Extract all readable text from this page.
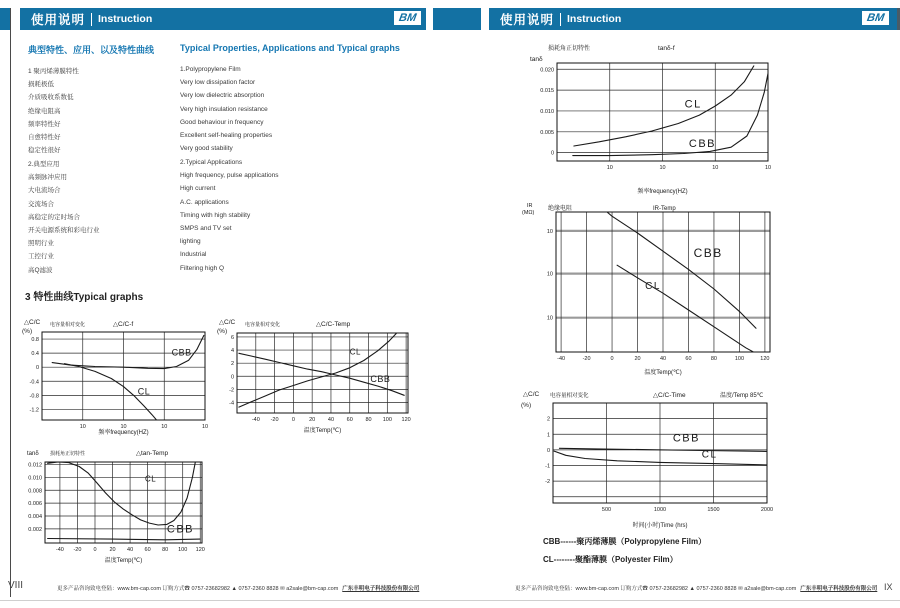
使用说明 Instruction	BM	使用说明 Instruction	BM
典型特性、应用、以及特性曲线	Typical Properties, Applications and Typical graphs
1 聚丙烯薄膜特性	1.Polypropylene Film
损耗极低	Very low dissipation factor
介质吸收系数低	Very low dielectric absorption
绝缘电阻高	Very high insulation resistance
频率特性好	Good behaviour in frequency
自愈特性好	Excellent self-healing properties
稳定性很好	Very good stability
2.典型应用	2.Typical Applications
高频脉冲应用	High frequency, pulse applications
大电流场合	High current
交流场合	A.C. applications
高稳定的定时场合	Timing with high stability
开关电源系统和彩电行业	SMPS and TV set
照明行业	lighting
工控行业	Industrial
高Q滤波	Filtering high Q
3 特性曲线Typical graphs
10	10	10	10
0.8
0.4
0
-0.4
-0.8
-1.2
△C/C
(%)
电容量相对变化	△C/C-f
频率frequency(HZ)
CBB
CL
-40 -20 0	20 40 60 80 100 120
6
4
2
0
-2
-4
△C/C
(%)
电容量相对变化	△C/C-Temp
温度Temp(℃)
CL
CBB
-40 -20 0 20 40 60 80 100 120
0.012
0.010
0.008
0.006
0.004
0.002
tanδ 损耗角正切特性	△tan-Temp
温度Temp(℃)
CL
CBB
10	10	10	10
0.020
0.015
0.010
0.005
0
tanδ
损耗角正切特性	tanδ-f
频率frequency(HZ)
CL
CBB
-40	-20	0	20	40	60	80	100	120
10
10
10
IR
(MΩ)
绝缘电阻	IR-Temp
温度Temp(℃)
CBB
CL
500	1000	1500	2000
2
1
0
-1
-2
△C/C
(%)
电容量相对变化	△C/C-Time	温度/Temp 85℃
时间(小时)Time (hrs)
CBB
CL
CBB------聚丙烯薄膜（Polypropylene Film）
CL--------聚酯薄膜（Polyester Film）
VIII	更多产品咨询致电登陆：www.bm-cap.com 订购方式☎ 0757-23682982 ▲ 0757-2360 8828 ✉ a2sale@bm-cap.com 广东丰明电子科技股份有限公司	更多产品咨询致电登陆：www.bm-cap.com 订购方式☎ 0757-23682982 ▲ 0757-2360 8828 ✉ a2sale@bm-cap.com 广东丰明电子科技股份有限公司 IX
